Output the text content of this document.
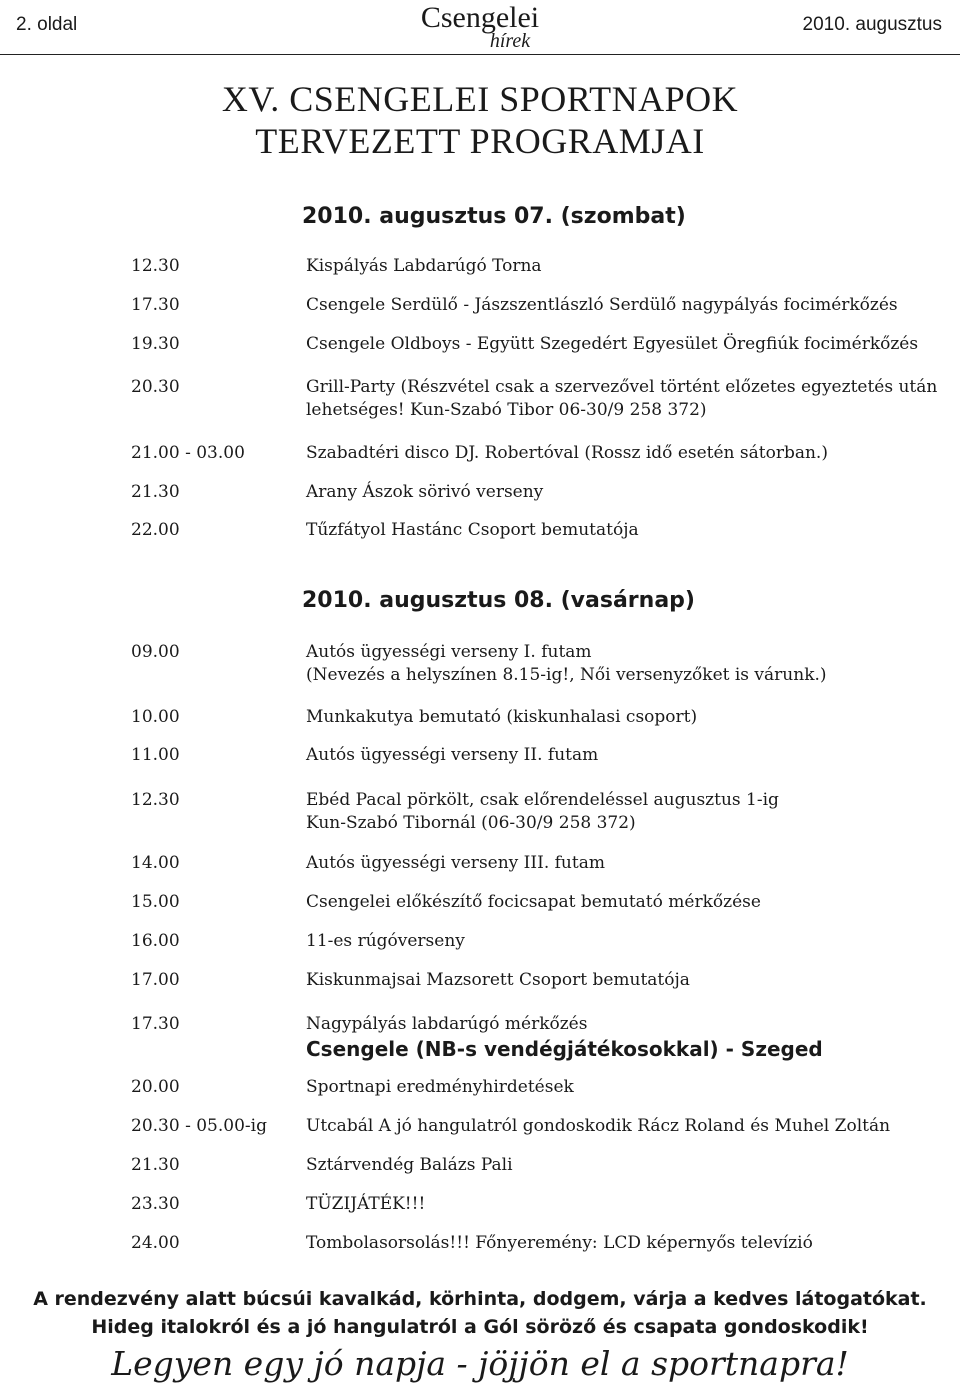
2. oldal	Csengelei
hírek
2010. augusztus
XV. CSENGELEI SPORTNAPOK
TERVEZETT PROGRAMJAI
2010. augusztus 07. (szombat)
12.30	Kispályás Labdarúgó Torna
17.30	Csengele Serdülő - Jászszentlászló Serdülő nagypályás focimérkőzés
19.30	Csengele Oldboys - Együtt Szegedért Egyesület Öregfiúk focimérkőzés
20.30	Grill-Party (Részvétel csak a szervezővel történt előzetes egyeztetés után
lehetséges! Kun-Szabó Tibor 06-30/9 258 372)
21.00 - 03.00	Szabadtéri disco DJ. Robertóval (Rossz idő esetén sátorban.)
21.30	Arany Ászok sörivó verseny
22.00	Tűzfátyol Hastánc Csoport bemutatója
2010. augusztus 08. (vasárnap)
09.00	Autós ügyességi verseny I. futam
(Nevezés a helyszínen 8.15-ig!, Női versenyzőket is várunk.)
10.00	Munkakutya bemutató (kiskunhalasi csoport)
11.00	Autós ügyességi verseny II. futam
12.30	Ebéd Pacal pörkölt, csak előrendeléssel augusztus 1-ig
Kun-Szabó Tibornál (06-30/9 258 372)
14.00	Autós ügyességi verseny III. futam
15.00	Csengelei előkészítő focicsapat bemutató mérkőzése
16.00	11-es rúgóverseny
17.00	Kiskunmajsai Mazsorett Csoport bemutatója
17.30	Nagypályás labdarúgó mérkőzés
Csengele (NB-s vendégjátékosokkal) - Szeged
20.00	Sportnapi eredményhirdetések
20.30 - 05.00-ig Utcabál A jó hangulatról gondoskodik Rácz Roland és Muhel Zoltán
21.30	Sztárvendég Balázs Pali
23.30	TÜZIJÁTÉK!!!
24.00	Tombolasorsolás!!! Főnyeremény: LCD képernyős televízió
A rendezvény alatt búcsúi kavalkád, körhinta, dodgem, várja a kedves látogatókat.
Hideg italokról és a jó hangulatról a Gól söröző és csapata gondoskodik!
Legyen egy jó napja - jöjjön el a sportnapra!
